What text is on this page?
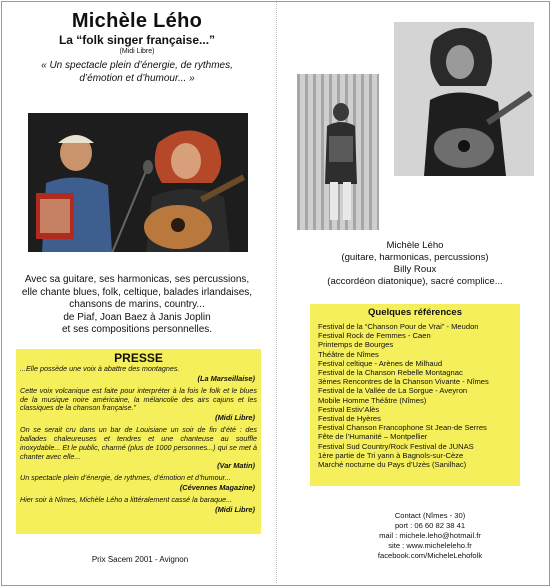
Michèle Lého
La “folk singer française...”
(Midi Libre)
« Un spectacle plein d’énergie, de rythmes,
d’émotion et d’humour... »
Avec sa guitare, ses harmonicas, ses percussions,
elle chante blues, folk, celtique, balades irlandaises,
chansons de marins, country...
de Piaf, Joan Baez à Janis Joplin
et ses compositions personnelles.
PRESSE
...Elle possède une voix à abattre des montagnes.
(La Marseillaise)
Cette voix volcanique est faite pour interpréter à la fois le folk et le blues de la musique noire américaine, la mélancolie des airs cajuns et les classiques de la chanson française.”
(Midi Libre)
On se serait cru dans un bar de Louisiane un soir de fin d’été : des ballades chaleureuses et tendres et une chanteuse au souffle inoxydable... Et le public, charmé (plus de 1000 personnes...) qui se met à chanter avec elle...
(Var Matin)
Un spectacle plein d’énergie, de rythmes, d’émotion et d’humour...
(Cévennes Magazine)
Hier soir à Nîmes, Michèle Lého a littéralement cassé la baraque...
(Midi Libre)
Prix Sacem 2001 - Avignon
Michèle Lého
(guitare, harmonicas, percussions)
Billy Roux
(accordéon diatonique), sacré complice...
Quelques références
Festival de la “Chanson Pour de Vrai” - Meudon
Festival Rock de Femmes - Caen
Printemps de Bourges
Théâtre de Nîmes
Festival celtique - Arènes de Milhaud
Festival de la Chanson Rebelle Montagnac
3èmes Rencontres de la Chanson Vivante - Nîmes
Festival de la Vallée de La Sorgue - Aveyron
Mobile Homme Théâtre (Nîmes)
Festival Estiv’Alès
Festival de Hyères
Festival Chanson Francophone St Jean-de Serres
Fête de l’Humanité – Montpellier
Festival Sud Country/Rock Festival de JUNAS
1ère partie de Tri yann à Bagnols-sur-Cèze
Marché nocturne du Pays d’Uzès (Sanilhac)
Contact (Nîmes - 30)
port : 06 60 82 38 41
mail : michele.leho@hotmail.fr
site : www.micheleleho.fr
facebook.com/MicheleLehofolk
